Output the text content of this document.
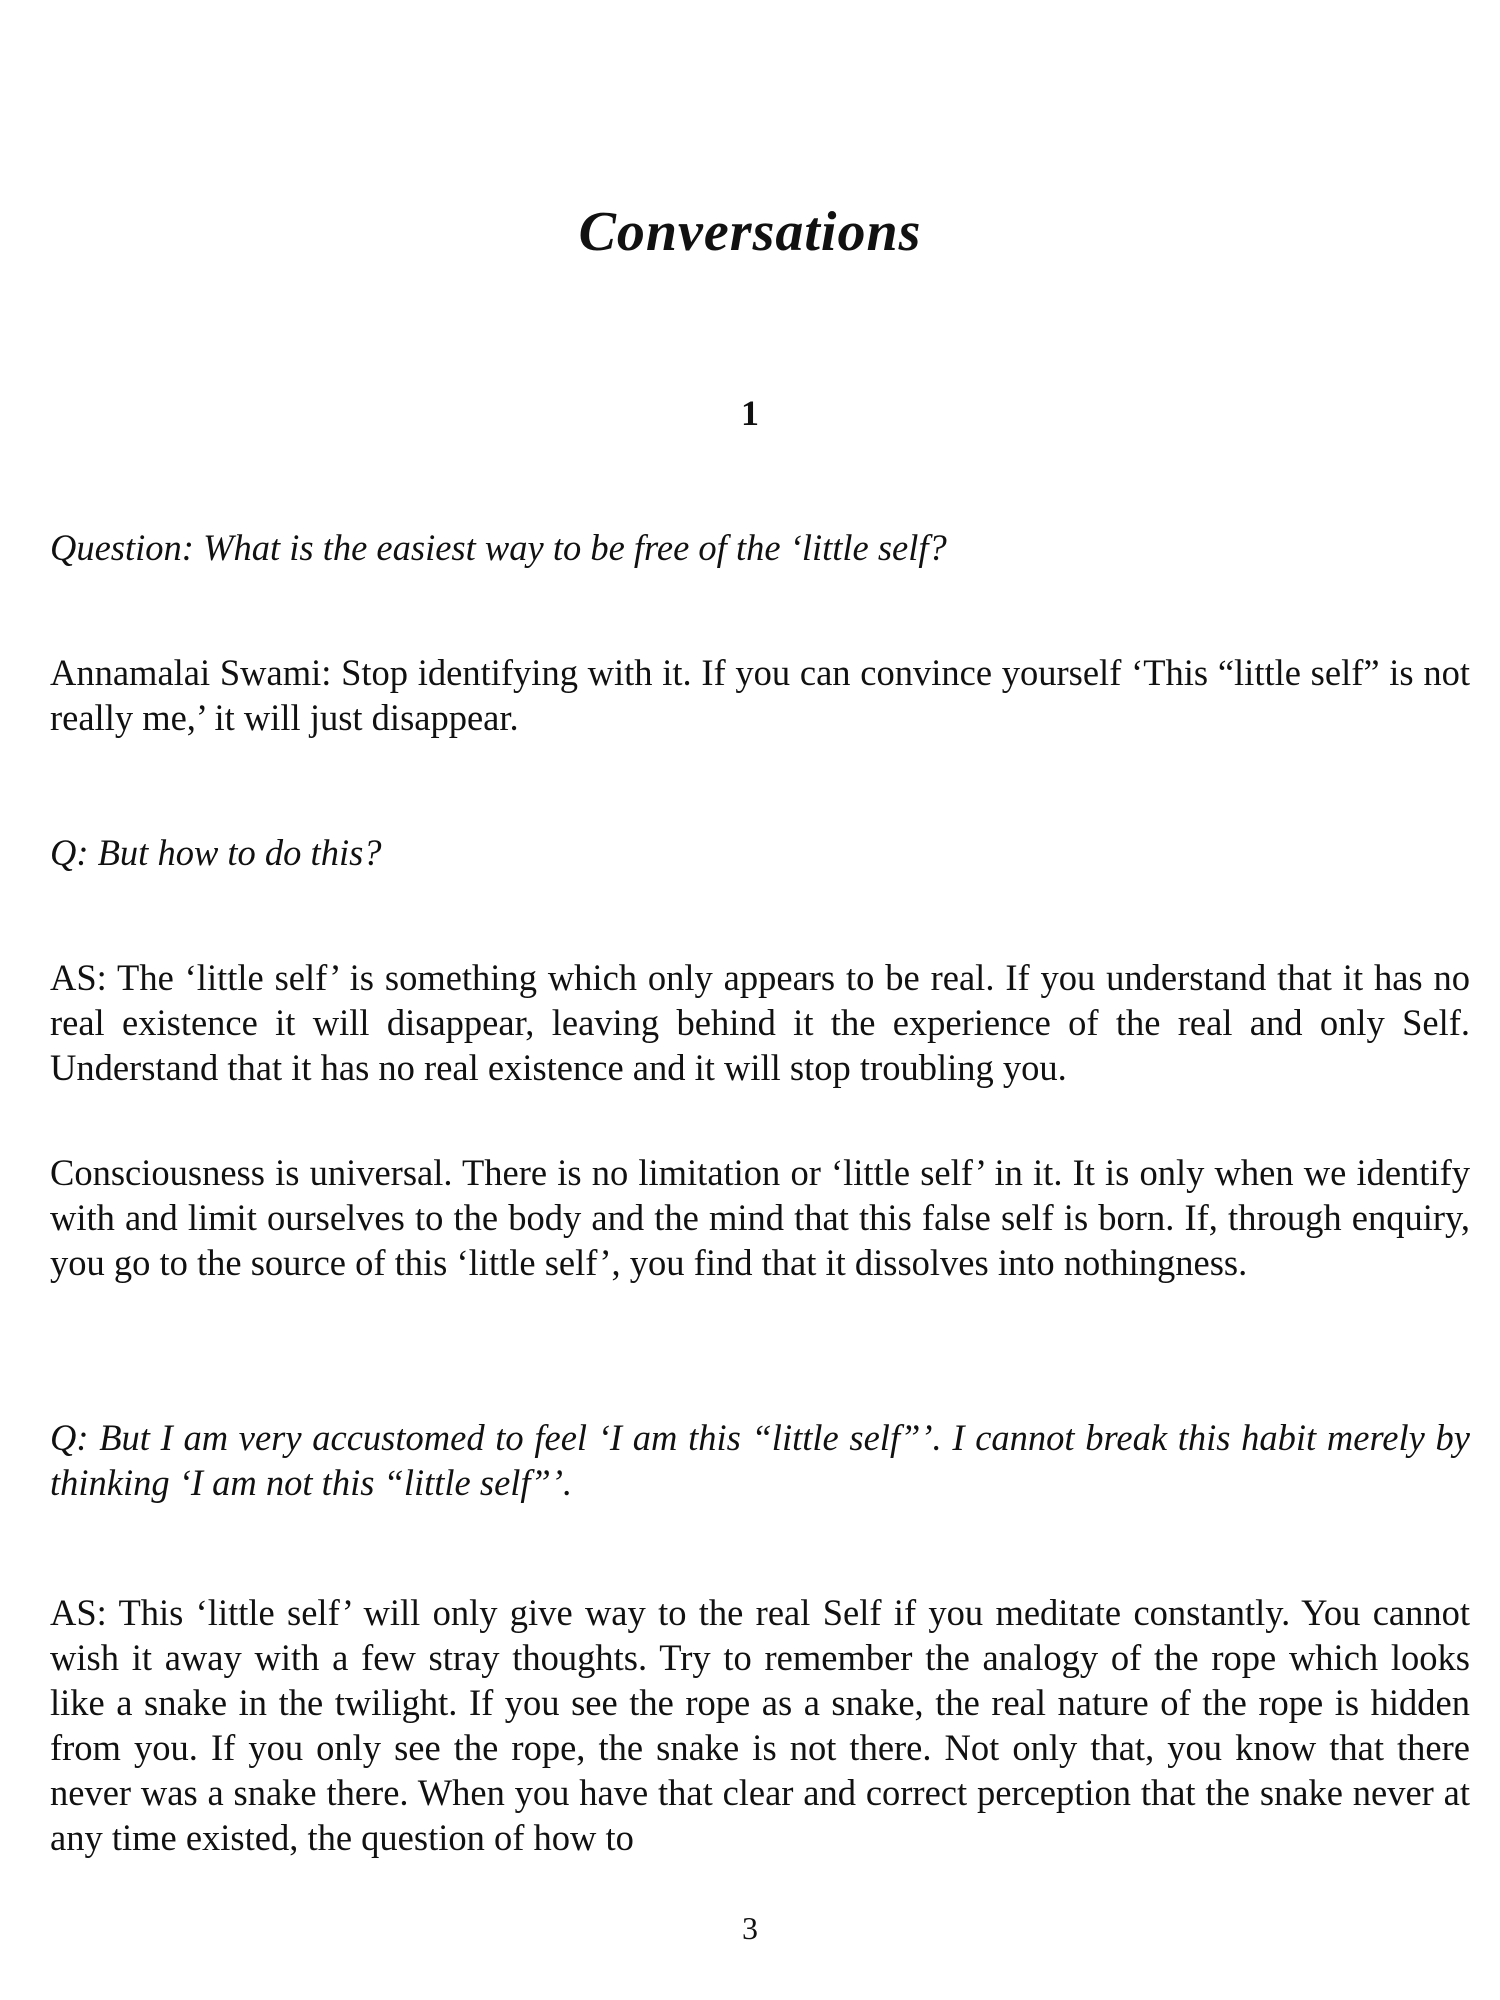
Conversations
1

Question: What is the easiest way to be free of the ‘little self?

Annamalai Swami: Stop identifying with it. If you can convince yourself ‘This “little self” is not really me,’ it will just disappear.

Q: But how to do this?

AS: The ‘little self’ is something which only appears to be real. If you understand that it has no real existence it will disappear, leaving behind it the experience of the real and only Self. Understand that it has no real existence and it will stop troubling you.

Consciousness is universal. There is no limitation or ‘little self’ in it. It is only when we identify with and limit ourselves to the body and the mind that this false self is born. If, through enquiry, you go to the source of this ‘little self’, you find that it dissolves into nothingness.

Q: But I am very accustomed to feel ‘I am this “little self”’. I cannot break this habit merely by thinking ‘I am not this “little self”’.

AS: This ‘little self’ will only give way to the real Self if you meditate constantly. You cannot wish it away with a few stray thoughts. Try to remember the analogy of the rope which looks like a snake in the twilight. If you see the rope as a snake, the real nature of the rope is hidden from you. If you only see the rope, the snake is not there. Not only that, you know that there never was a snake there. When you have that clear and correct perception that the snake never at any time existed, the question of how to

3
